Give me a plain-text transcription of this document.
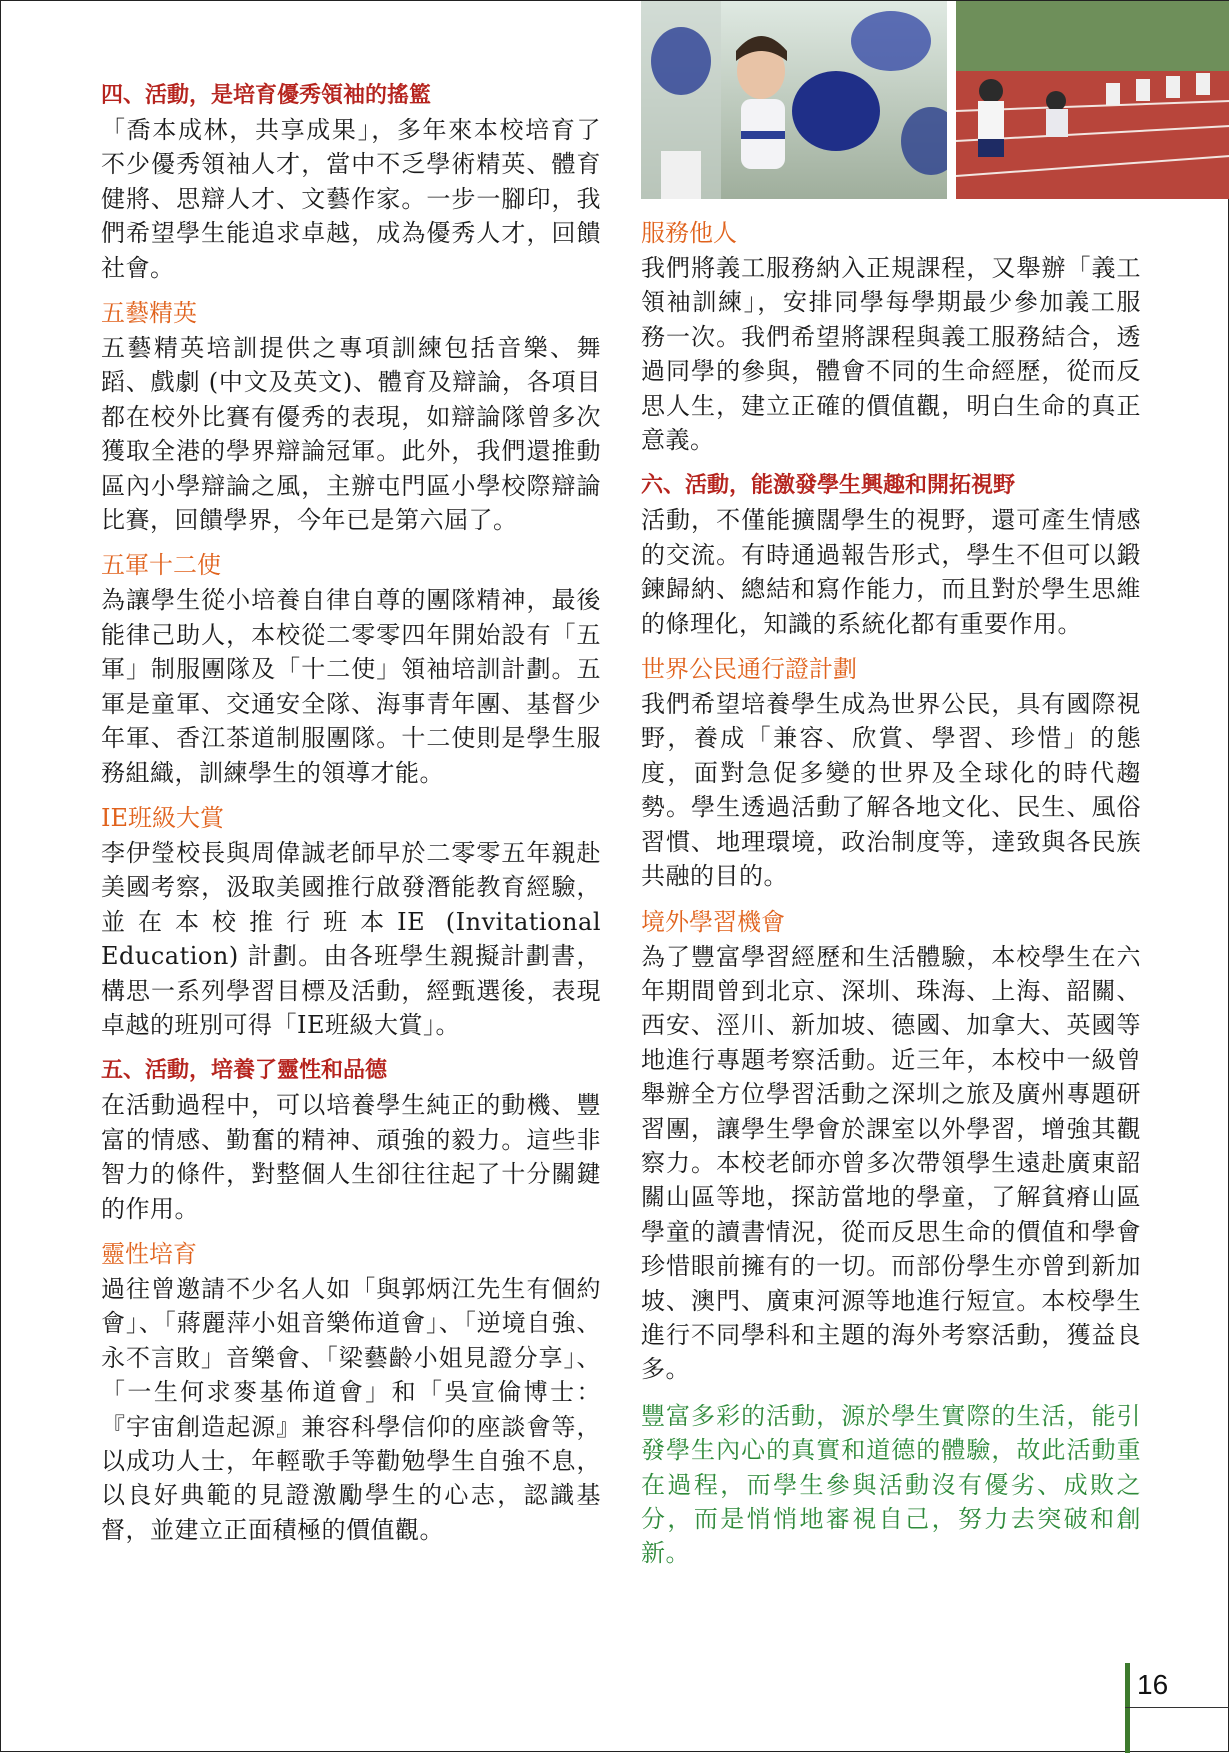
四、活動，是培育優秀領袖的搖籃

「喬本成林，共享成果」，多年來本校培育了不少優秀領袖人才，當中不乏學術精英、體育健將、思辯人才、文藝作家。一步一腳印，我們希望學生能追求卓越，成為優秀人才，回饋社會。

五藝精英

五藝精英培訓提供之專項訓練包括音樂、舞蹈、戲劇 (中文及英文)、體育及辯論，各項目都在校外比賽有優秀的表現，如辯論隊曾多次獲取全港的學界辯論冠軍。此外，我們還推動區內小學辯論之風，主辦屯門區小學校際辯論比賽，回饋學界，今年已是第六屆了。

五軍十二使

為讓學生從小培養自律自尊的團隊精神，最後能律己助人，本校從二零零四年開始設有「五軍」制服團隊及「十二使」領袖培訓計劃。五軍是童軍、交通安全隊、海事青年團、基督少年軍、香江茶道制服團隊。十二使則是學生服務組織，訓練學生的領導才能。

IE班級大賞

李伊瑩校長與周偉誠老師早於二零零五年親赴美國考察，汲取美國推行啟發潛能教育經驗，並在本校推行班本IE (Invitational Education) 計劃。由各班學生親擬計劃書，構思一系列學習目標及活動，經甄選後，表現卓越的班別可得「IE班級大賞」。

五、活動，培養了靈性和品德

在活動過程中，可以培養學生純正的動機、豐富的情感、勤奮的精神、頑強的毅力。這些非智力的條件，對整個人生卻往往起了十分關鍵的作用。

靈性培育

過往曾邀請不少名人如「與郭炳江先生有個約會」、「蔣麗萍小姐音樂佈道會」、「逆境自強、永不言敗」音樂會、「梁藝齡小姐見證分享」、「一生何求麥基佈道會」和「吳宣倫博士：『宇宙創造起源』兼容科學信仰的座談會等，以成功人士，年輕歌手等勸勉學生自強不息，以良好典範的見證激勵學生的心志，認識基督，並建立正面積極的價值觀。

服務他人

我們將義工服務納入正規課程，又舉辦「義工領袖訓練」，安排同學每學期最少參加義工服務一次。我們希望將課程與義工服務結合，透過同學的參與，體會不同的生命經歷，從而反思人生，建立正確的價值觀，明白生命的真正意義。

六、活動，能激發學生興趣和開拓視野

活動，不僅能擴闊學生的視野，還可產生情感的交流。有時通過報告形式，學生不但可以鍛鍊歸納、總結和寫作能力，而且對於學生思維的條理化，知識的系統化都有重要作用。

世界公民通行證計劃

我們希望培養學生成為世界公民，具有國際視野，養成「兼容、欣賞、學習、珍惜」的態度，面對急促多變的世界及全球化的時代趨勢。學生透過活動了解各地文化、民生、風俗習慣、地理環境，政治制度等，達致與各民族共融的目的。

境外學習機會

為了豐富學習經歷和生活體驗，本校學生在六年期間曾到北京、深圳、珠海、上海、韶關、西安、涇川、新加坡、德國、加拿大、英國等地進行專題考察活動。近三年，本校中一級曾舉辦全方位學習活動之深圳之旅及廣州專題研習團，讓學生學會於課室以外學習，增強其觀察力。本校老師亦曾多次帶領學生遠赴廣東韶關山區等地，探訪當地的學童，了解貧瘠山區學童的讀書情況，從而反思生命的價值和學會珍惜眼前擁有的一切。而部份學生亦曾到新加坡、澳門、廣東河源等地進行短宣。本校學生進行不同學科和主題的海外考察活動，獲益良多。

豐富多彩的活動，源於學生實際的生活，能引發學生內心的真實和道德的體驗，故此活動重在過程，而學生參與活動沒有優劣、成敗之分，而是悄悄地審視自己，努力去突破和創新。

16
